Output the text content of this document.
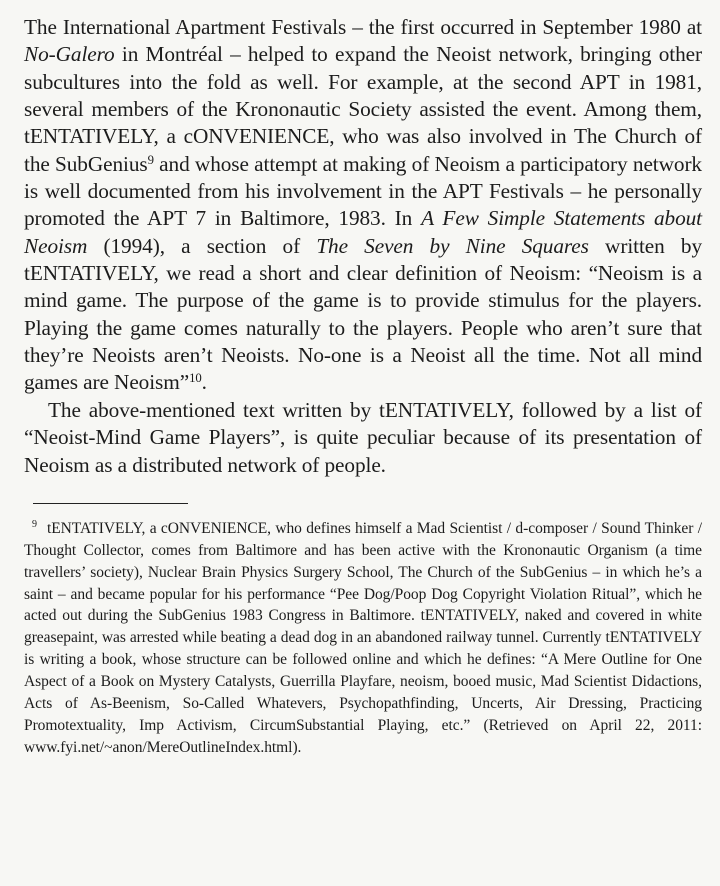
The International Apartment Festivals – the first occurred in September 1980 at No-Galero in Montréal – helped to expand the Neoist network, bringing other subcultures into the fold as well. For example, at the second APT in 1981, several members of the Krononautic Society assisted the event. Among them, tENTATIVELY, a cONVENIENCE, who was also involved in The Church of the SubGenius$^9$ and whose attempt at making of Neoism a participatory network is well documented from his involvement in the APT Festivals – he personally promoted the APT 7 in Baltimore, 1983. In A Few Simple Statements about Neoism (1994), a section of The Seven by Nine Squares written by tENTATIVELY, we read a short and clear definition of Neoism: “Neoism is a mind game. The purpose of the game is to provide stimulus for the players. Playing the game comes naturally to the players. People who aren’t sure that they’re Neoists aren’t Neoists. No-one is a Neoist all the time. Not all mind games are Neoism”$^{10}$.

The above-mentioned text written by tENTATIVELY, followed by a list of “Neoist-Mind Game Players”, is quite peculiar because of its presentation of Neoism as a distributed network of people.

9 tENTATIVELY, a cONVENIENCE, who defines himself a Mad Scientist / d-composer / Sound Thinker / Thought Collector, comes from Baltimore and has been active with the Krononautic Organism (a time travellers’ society), Nuclear Brain Physics Surgery School, The Church of the SubGenius – in which he’s a saint – and became popular for his performance “Pee Dog/Poop Dog Copyright Violation Ritual”, which he acted out during the SubGenius 1983 Congress in Baltimore. tENTATIVELY, naked and covered in white greasepaint, was arrested while beating a dead dog in an abandoned railway tunnel. Currently tENTATIVELY is writing a book, whose structure can be followed online and which he defines: “A Mere Outline for One Aspect of a Book on Mystery Catalysts, Guerrilla Playfare, neoism, booed music, Mad Scientist Didactions, Acts of As-Beenism, So-Called Whatevers, Psychopathfinding, Uncerts, Air Dressing, Practicing Promotextuality, Imp Activism, CircumSubstantial Playing, etc.” (Retrieved on April 22, 2011: www.fyi.net/~anon/MereOutlineIndex.html).
